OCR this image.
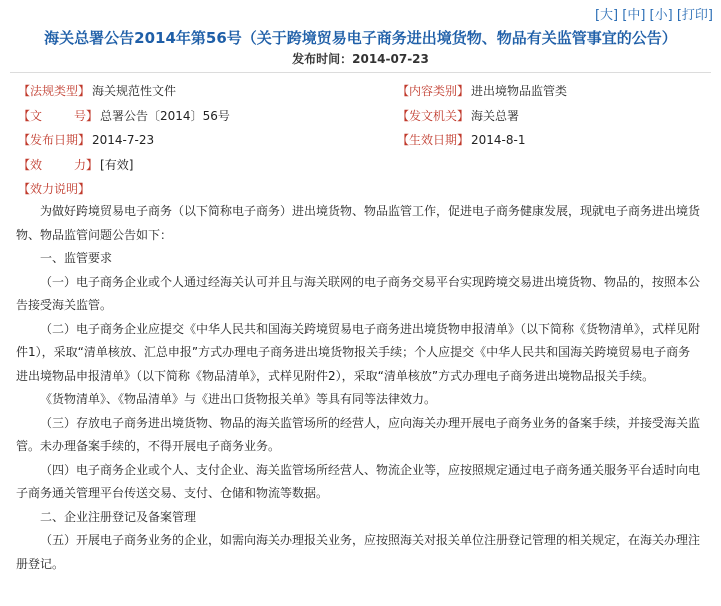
[大] [中] [小] [打印]
海关总署公告2014年第56号（关于跨境贸易电子商务进出境货物、物品有关监管事宜的公告）
发布时间：2014-07-23
【法规类型】 海关规范性文件	【内容类别】 进出境物品监管类
【文	号】 总署公告〔2014〕56号	【发文机关】 海关总署
【发布日期】 2014-7-23	【生效日期】 2014-8-1
【效	力】 [有效]
【效力说明】

为做好跨境贸易电子商务（以下简称电子商务）进出境货物、物品监管工作，促进电子商务健康发展，现就电子商务进出境货物、物品监管问题公告如下：

一、监管要求

（一）电子商务企业或个人通过经海关认可并且与海关联网的电子商务交易平台实现跨境交易进出境货物、物品的，按照本公告接受海关监管。

（二）电子商务企业应提交《中华人民共和国海关跨境贸易电子商务进出境货物申报清单》（以下简称《货物清单》，式样见附件1），采取“清单核放、汇总申报”方式办理电子商务进出境货物报关手续；个人应提交《中华人民共和国海关跨境贸易电子商务进出境物品申报清单》（以下简称《物品清单》，式样见附件2），采取“清单核放”方式办理电子商务进出境物品报关手续。

《货物清单》、《物品清单》与《进出口货物报关单》等具有同等法律效力。

（三）存放电子商务进出境货物、物品的海关监管场所的经营人，应向海关办理开展电子商务业务的备案手续，并接受海关监管。未办理备案手续的，不得开展电子商务业务。

（四）电子商务企业或个人、支付企业、海关监管场所经营人、物流企业等，应按照规定通过电子商务通关服务平台适时向电子商务通关管理平台传送交易、支付、仓储和物流等数据。

二、企业注册登记及备案管理

（五）开展电子商务业务的企业，如需向海关办理报关业务，应按照海关对报关单位注册登记管理的相关规定，在海关办理注册登记。
